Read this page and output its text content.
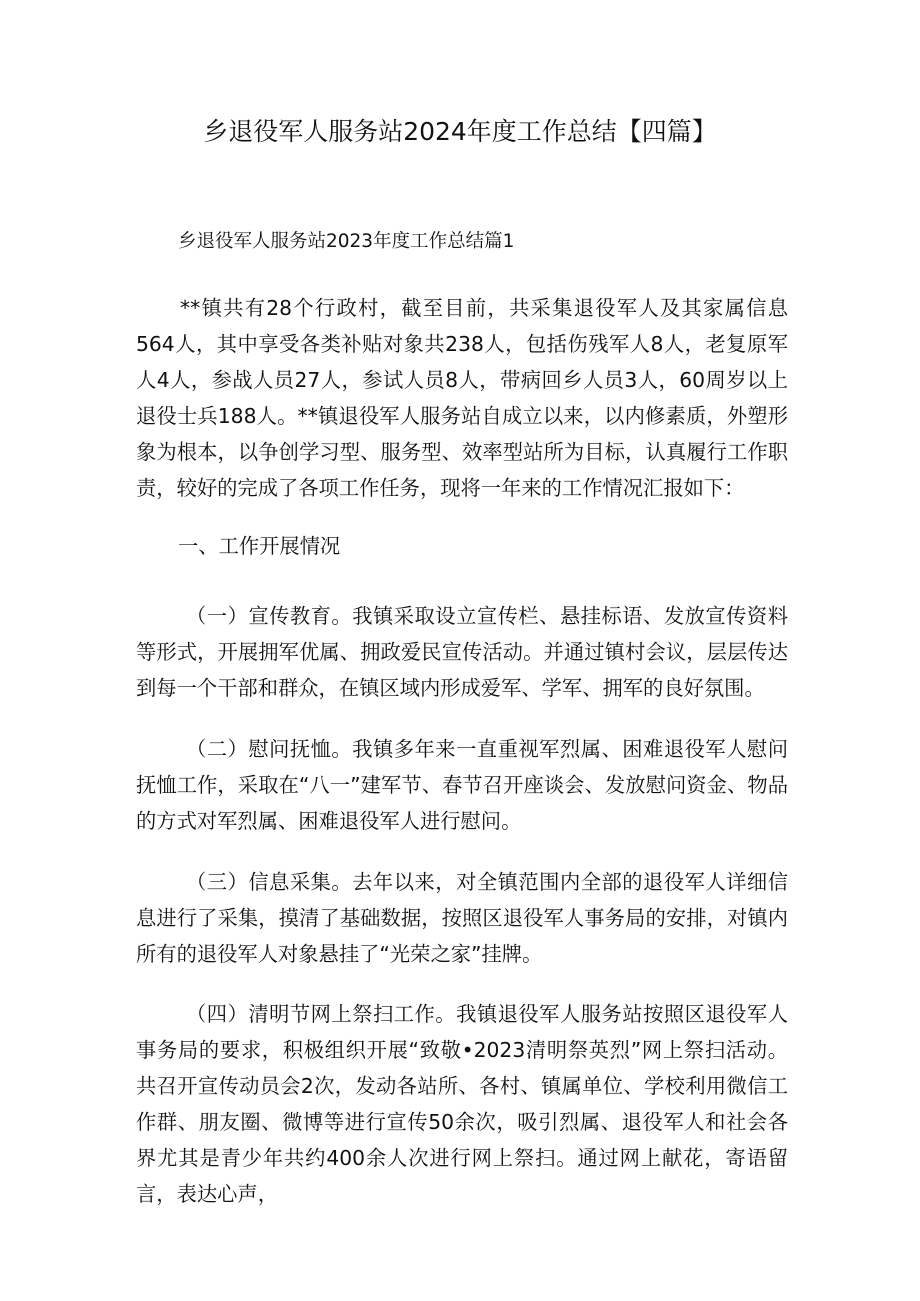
乡退役军人服务站2024年度工作总结【四篇】
乡退役军人服务站2023年度工作总结篇1

**镇共有28个行政村，截至目前，共采集退役军人及其家属信息564人，其中享受各类补贴对象共238人，包括伤残军人8人，老复原军人4人，参战人员27人，参试人员8人，带病回乡人员3人，60周岁以上退役士兵188人。**镇退役军人服务站自成立以来，以内修素质，外塑形象为根本，以争创学习型、服务型、效率型站所为目标，认真履行工作职责，较好的完成了各项工作任务，现将一年来的工作情况汇报如下：

一、工作开展情况

（一）宣传教育。我镇采取设立宣传栏、悬挂标语、发放宣传资料等形式，开展拥军优属、拥政爱民宣传活动。并通过镇村会议，层层传达到每一个干部和群众，在镇区域内形成爱军、学军、拥军的良好氛围。

（二）慰问抚恤。我镇多年来一直重视军烈属、困难退役军人慰问抚恤工作，采取在“八一”建军节、春节召开座谈会、发放慰问资金、物品的方式对军烈属、困难退役军人进行慰问。

（三）信息采集。去年以来，对全镇范围内全部的退役军人详细信息进行了采集，摸清了基础数据，按照区退役军人事务局的安排，对镇内所有的退役军人对象悬挂了“光荣之家”挂牌。

（四）清明节网上祭扫工作。我镇退役军人服务站按照区退役军人事务局的要求，积极组织开展“致敬•2023清明祭英烈”网上祭扫活动。共召开宣传动员会2次，发动各站所、各村、镇属单位、学校利用微信工作群、朋友圈、微博等进行宣传50余次，吸引烈属、退役军人和社会各界尤其是青少年共约400余人次进行网上祭扫。通过网上献花，寄语留言，表达心声，
